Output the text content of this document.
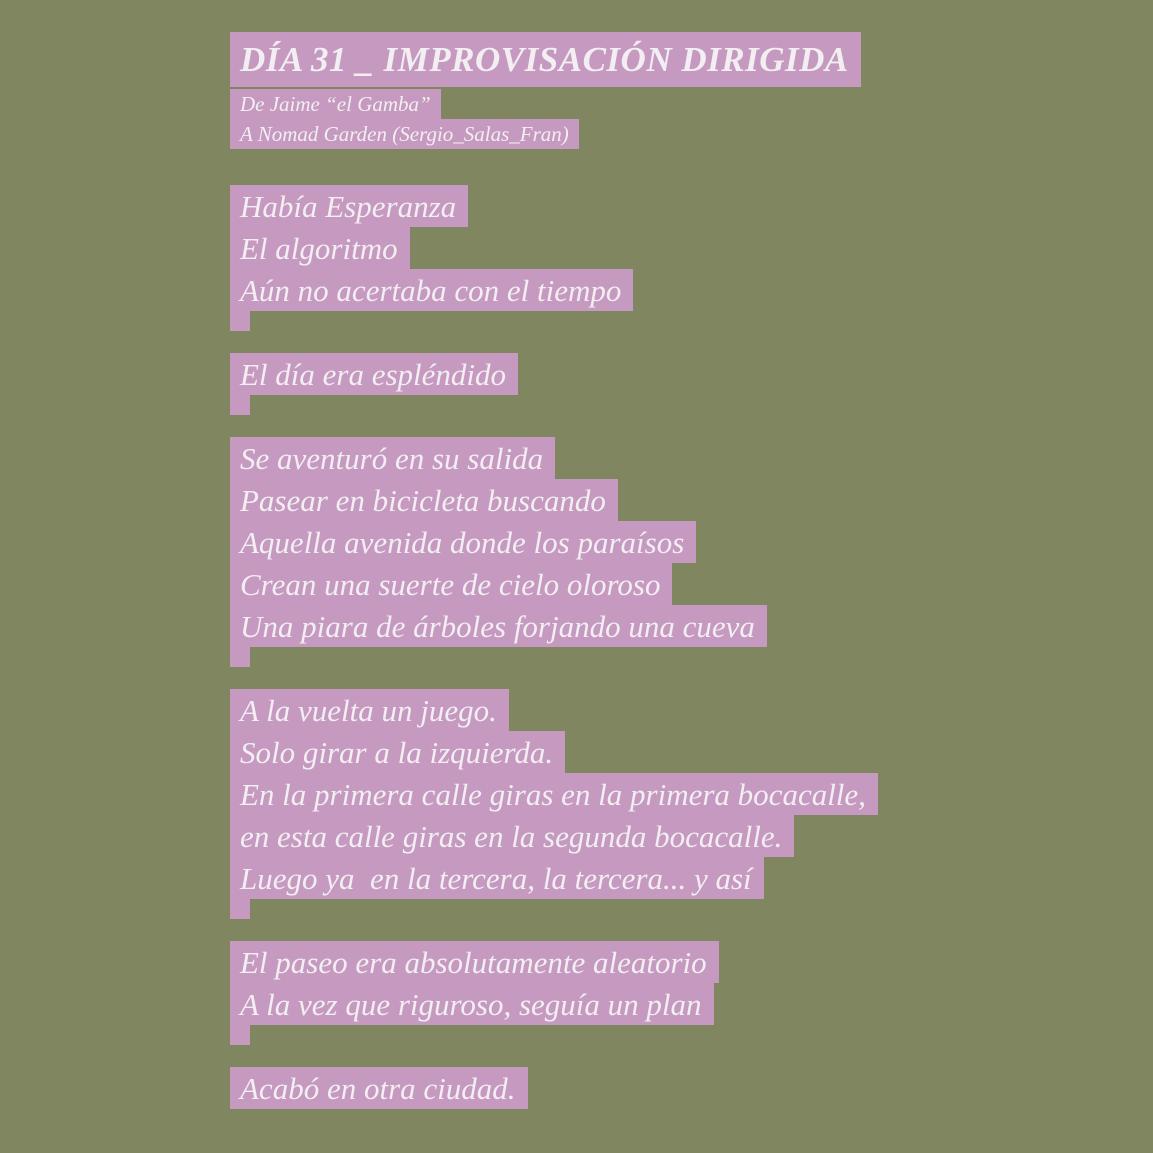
DÍA 31 _ IMPROVISACIÓN DIRIGIDA
De Jaime “el Gamba”
A Nomad Garden (Sergio_Salas_Fran)
Había Esperanza
El algoritmo
Aún no acertaba con el tiempo
El día era espléndido
Se aventuró en su salida
Pasear en bicicleta buscando
Aquella avenida donde los paraísos
Crean una suerte de cielo oloroso
Una piara de árboles forjando una cueva
A la vuelta un juego.
Solo girar a la izquierda.
En la primera calle giras en la primera bocacalle,
en esta calle giras en la segunda bocacalle.
Luego ya  en la tercera, la tercera... y así
El paseo era absolutamente aleatorio
A la vez que riguroso, seguía un plan
Acabó en otra ciudad.
